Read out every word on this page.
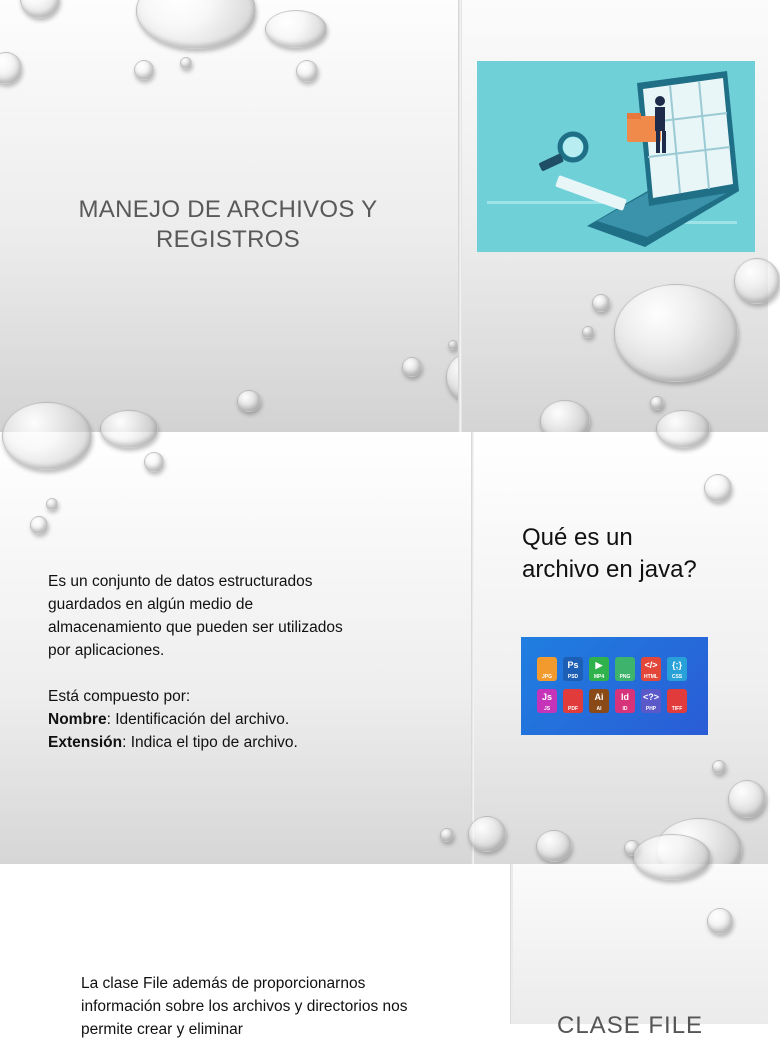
MANEJO DE ARCHIVOS Y
REGISTROS

Es un conjunto de datos estructurados

guardados en algún medio de

almacenamiento que pueden ser utilizados

por aplicaciones.

Está compuesto por:

Nombre: Identificación del archivo.

Extensión: Indica el tipo de archivo.

Qué es un
archivo en java?
JPG
Ps
PSD
▶
MP4	PNG
</>
HTML
{;}
CSS
Js
JS	PDF
Ai
AI
Id
ID
<?>
PHP	TIFF

La clase File además de proporcionarnos

información sobre los archivos y directorios nos

permite crear y eliminar	CLASE FILE
